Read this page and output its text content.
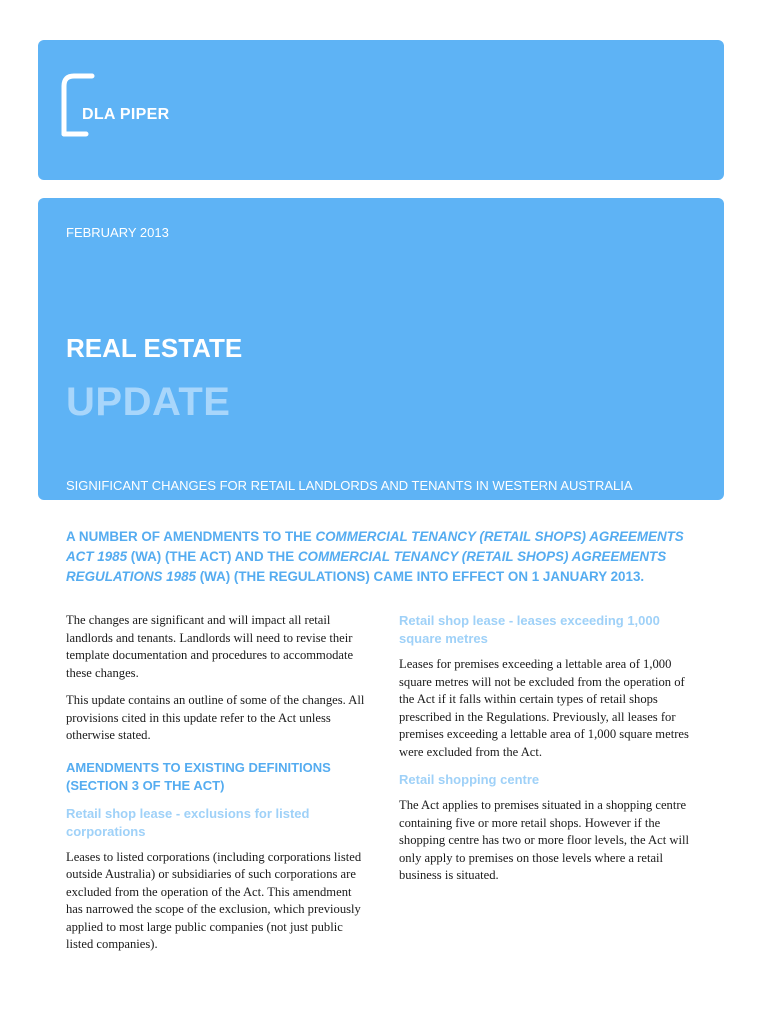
DLA PIPER
FEBRUARY 2013
REAL ESTATE
UPDATE
SIGNIFICANT CHANGES FOR RETAIL LANDLORDS AND TENANTS IN WESTERN AUSTRALIA
A NUMBER OF AMENDMENTS TO THE COMMERCIAL TENANCY (RETAIL SHOPS) AGREEMENTS ACT 1985 (WA) (THE ACT) AND THE COMMERCIAL TENANCY (RETAIL SHOPS) AGREEMENTS REGULATIONS 1985 (WA) (THE REGULATIONS) CAME INTO EFFECT ON 1 JANUARY 2013.

The changes are significant and will impact all retail landlords and tenants. Landlords will need to revise their template documentation and procedures to accommodate these changes.

This update contains an outline of some of the changes. All provisions cited in this update refer to the Act unless otherwise stated.

AMENDMENTS TO EXISTING DEFINITIONS (SECTION 3 OF THE ACT)
Retail shop lease - exclusions for listed corporations

Leases to listed corporations (including corporations listed outside Australia) or subsidiaries of such corporations are excluded from the operation of the Act. This amendment has narrowed the scope of the exclusion, which previously applied to most large public companies (not just public listed companies).

Retail shop lease - leases exceeding 1,000 square metres

Leases for premises exceeding a lettable area of 1,000 square metres will not be excluded from the operation of the Act if it falls within certain types of retail shops prescribed in the Regulations. Previously, all leases for premises exceeding a lettable area of 1,000 square metres were excluded from the Act.

Retail shopping centre

The Act applies to premises situated in a shopping centre containing five or more retail shops. However if the shopping centre has two or more floor levels, the Act will only apply to premises on those levels where a retail business is situated.
